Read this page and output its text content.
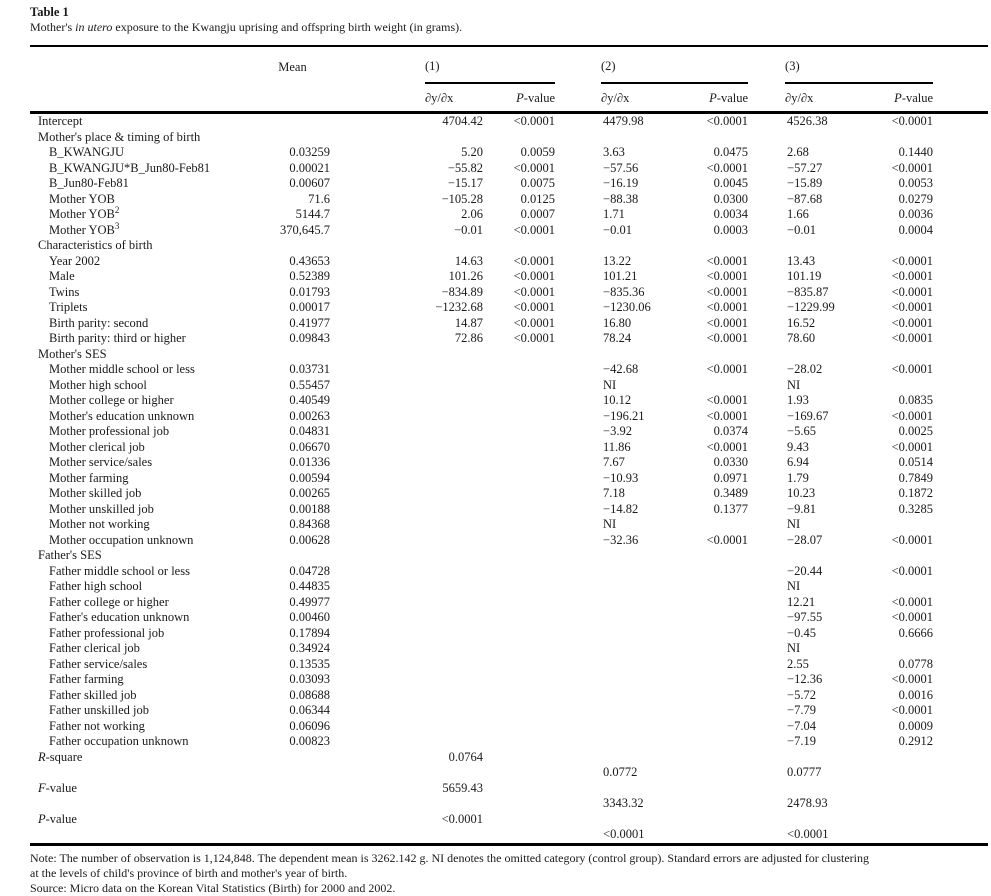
Table 1
Mother's in utero exposure to the Kwangju uprising and offspring birth weight (in grams).
	Mean		(1)			(2)			(3)		
			∂y/∂x	P-value		∂y/∂x	P-value		∂y/∂x	P-value	
Intercept			4704.42	<0.0001		4479.98	<0.0001		4526.38	<0.0001	
Mother's place & timing of birth											
B_KWANGJU	0.03259		5.20	0.0059		3.63	0.0475		2.68	0.1440	
B_KWANGJU*B_Jun80-Feb81	0.00021		−55.82	<0.0001		−57.56	<0.0001		−57.27	<0.0001	
B_Jun80-Feb81	0.00607		−15.17	0.0075		−16.19	0.0045		−15.89	0.0053	
Mother YOB	71.6		−105.28	0.0125		−88.38	0.0300		−87.68	0.0279	
Mother YOB$^2$	5144.7		2.06	0.0007		1.71	0.0034		1.66	0.0036	
Mother YOB$^3$	370,645.7		−0.01	<0.0001		−0.01	0.0003		−0.01	0.0004	
Characteristics of birth											
Year 2002	0.43653		14.63	<0.0001		13.22	<0.0001		13.43	<0.0001	
Male	0.52389		101.26	<0.0001		101.21	<0.0001		101.19	<0.0001	
Twins	0.01793		−834.89	<0.0001		−835.36	<0.0001		−835.87	<0.0001	
Triplets	0.00017		−1232.68	<0.0001		−1230.06	<0.0001		−1229.99	<0.0001	
Birth parity: second	0.41977		14.87	<0.0001		16.80	<0.0001		16.52	<0.0001	
Birth parity: third or higher	0.09843		72.86	<0.0001		78.24	<0.0001		78.60	<0.0001	
Mother's SES											
Mother middle school or less	0.03731					−42.68	<0.0001		−28.02	<0.0001	
Mother high school	0.55457					NI			NI		
Mother college or higher	0.40549					10.12	<0.0001		1.93	0.0835	
Mother's education unknown	0.00263					−196.21	<0.0001		−169.67	<0.0001	
Mother professional job	0.04831					−3.92	0.0374		−5.65	0.0025	
Mother clerical job	0.06670					11.86	<0.0001		9.43	<0.0001	
Mother service/sales	0.01336					7.67	0.0330		6.94	0.0514	
Mother farming	0.00594					−10.93	0.0971		1.79	0.7849	
Mother skilled job	0.00265					7.18	0.3489		10.23	0.1872	
Mother unskilled job	0.00188					−14.82	0.1377		−9.81	0.3285	
Mother not working	0.84368					NI			NI		
Mother occupation unknown	0.00628					−32.36	<0.0001		−28.07	<0.0001	
Father's SES											
Father middle school or less	0.04728								−20.44	<0.0001	
Father high school	0.44835								NI		
Father college or higher	0.49977								12.21	<0.0001	
Father's education unknown	0.00460								−97.55	<0.0001	
Father professional job	0.17894								−0.45	0.6666	
Father clerical job	0.34924								NI		
Father service/sales	0.13535								2.55	0.0778	
Father farming	0.03093								−12.36	<0.0001	
Father skilled job	0.08688								−5.72	0.0016	
Father unskilled job	0.06344								−7.79	<0.0001	
Father not working	0.06096								−7.04	0.0009	
Father occupation unknown	0.00823								−7.19	0.2912	
R-square			0.0764								
						0.0772			0.0777		
F-value			5659.43								
						3343.32			2478.93		
P-value			<0.0001								
						<0.0001			<0.0001		
Note: The number of observation is 1,124,848. The dependent mean is 3262.142 g. NI denotes the omitted category (control group). Standard errors are adjusted for clustering
at the levels of child's province of birth and mother's year of birth.
Source: Micro data on the Korean Vital Statistics (Birth) for 2000 and 2002.
